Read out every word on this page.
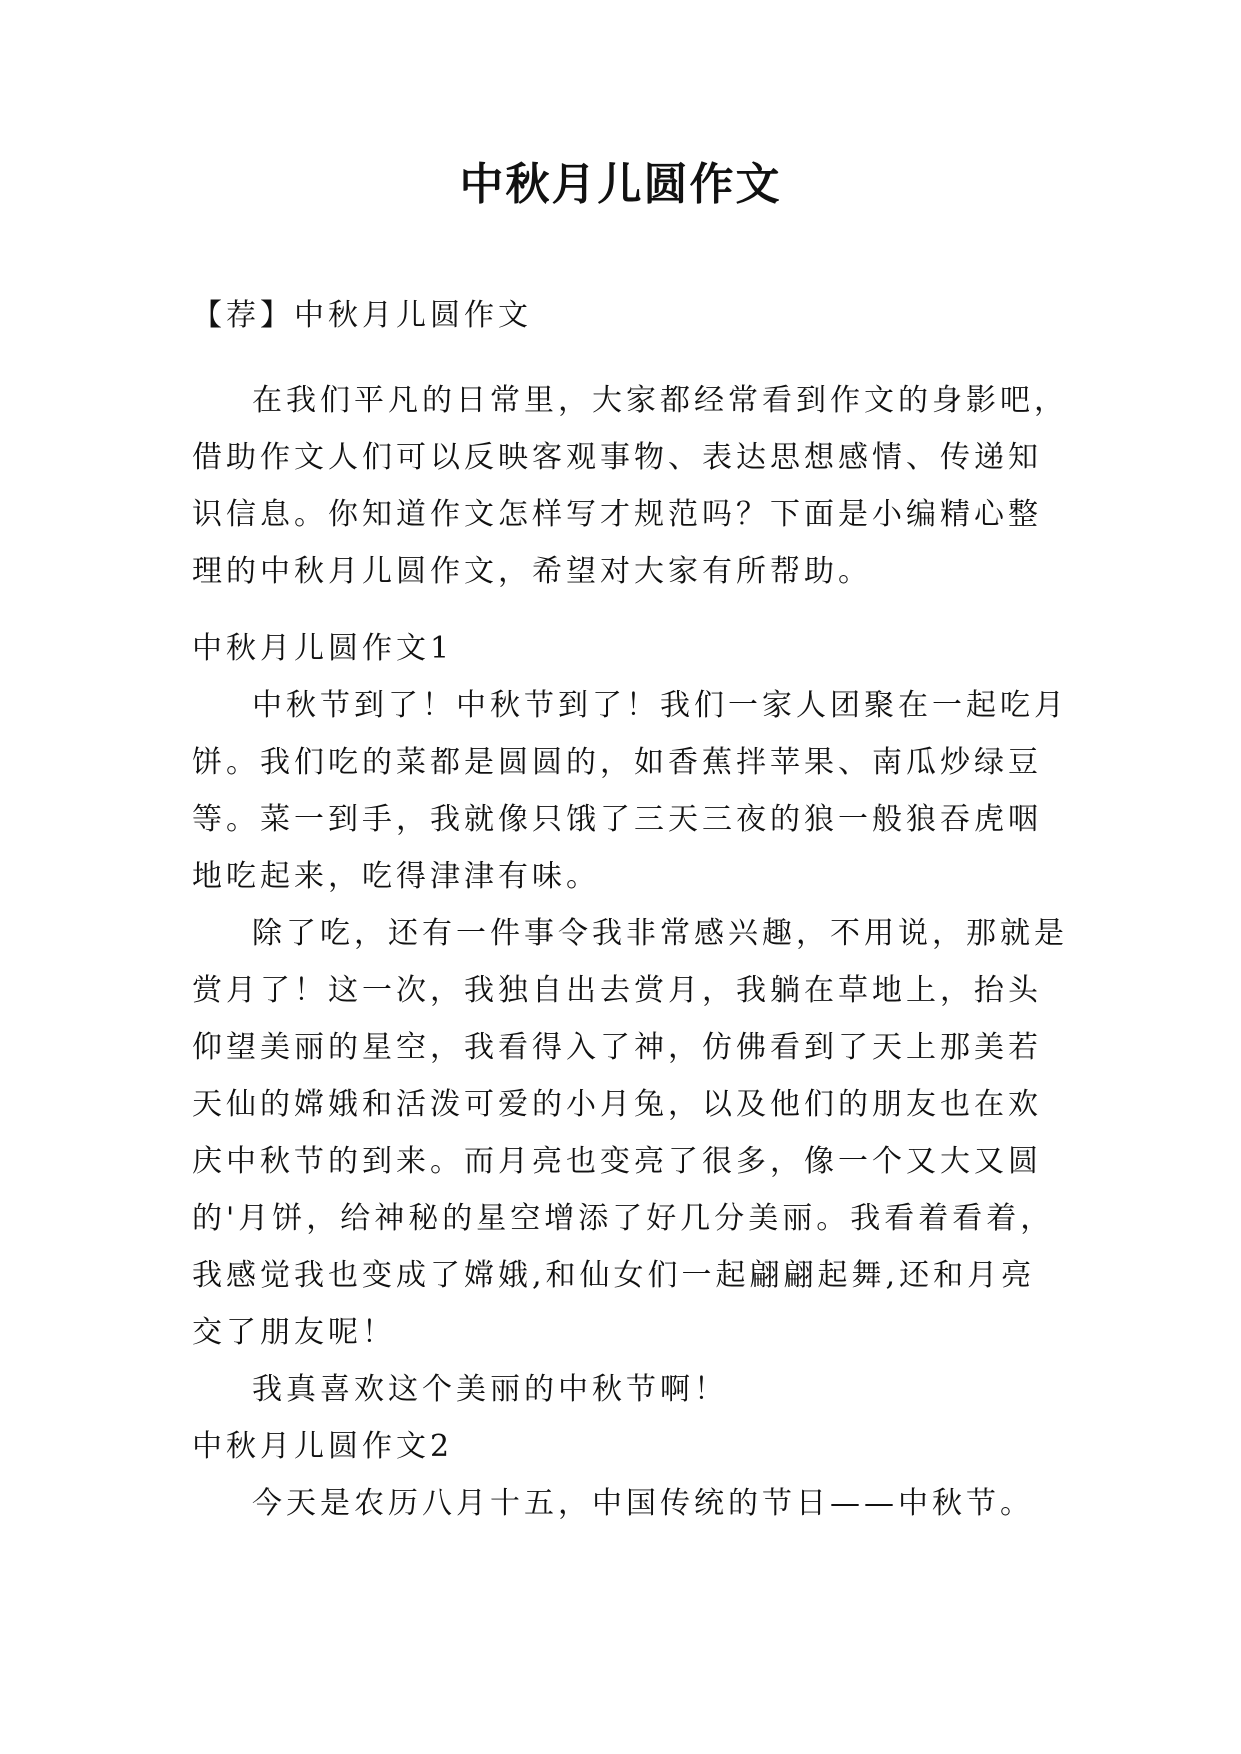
中秋月儿圆作文

【荐】中秋月儿圆作文

在我们平凡的日常里，大家都经常看到作文的身影吧，借助作文人们可以反映客观事物、表达思想感情、传递知识信息。你知道作文怎样写才规范吗？下面是小编精心整理的中秋月儿圆作文，希望对大家有所帮助。

中秋月儿圆作文1

中秋节到了！中秋节到了！我们一家人团聚在一起吃月饼。我们吃的菜都是圆圆的，如香蕉拌苹果、南瓜炒绿豆等。菜一到手，我就像只饿了三天三夜的狼一般狼吞虎咽地吃起来，吃得津津有味。

除了吃，还有一件事令我非常感兴趣，不用说，那就是赏月了！这一次，我独自出去赏月，我躺在草地上，抬头仰望美丽的星空，我看得入了神，仿佛看到了天上那美若天仙的嫦娥和活泼可爱的小月兔，以及他们的朋友也在欢庆中秋节的到来。而月亮也变亮了很多，像一个又大又圆的'月饼，给神秘的星空增添了好几分美丽。我看着看着，我感觉我也变成了嫦娥,和仙女们一起翩翩起舞,还和月亮交了朋友呢！

我真喜欢这个美丽的中秋节啊！

中秋月儿圆作文2

今天是农历八月十五，中国传统的节日——中秋节。
